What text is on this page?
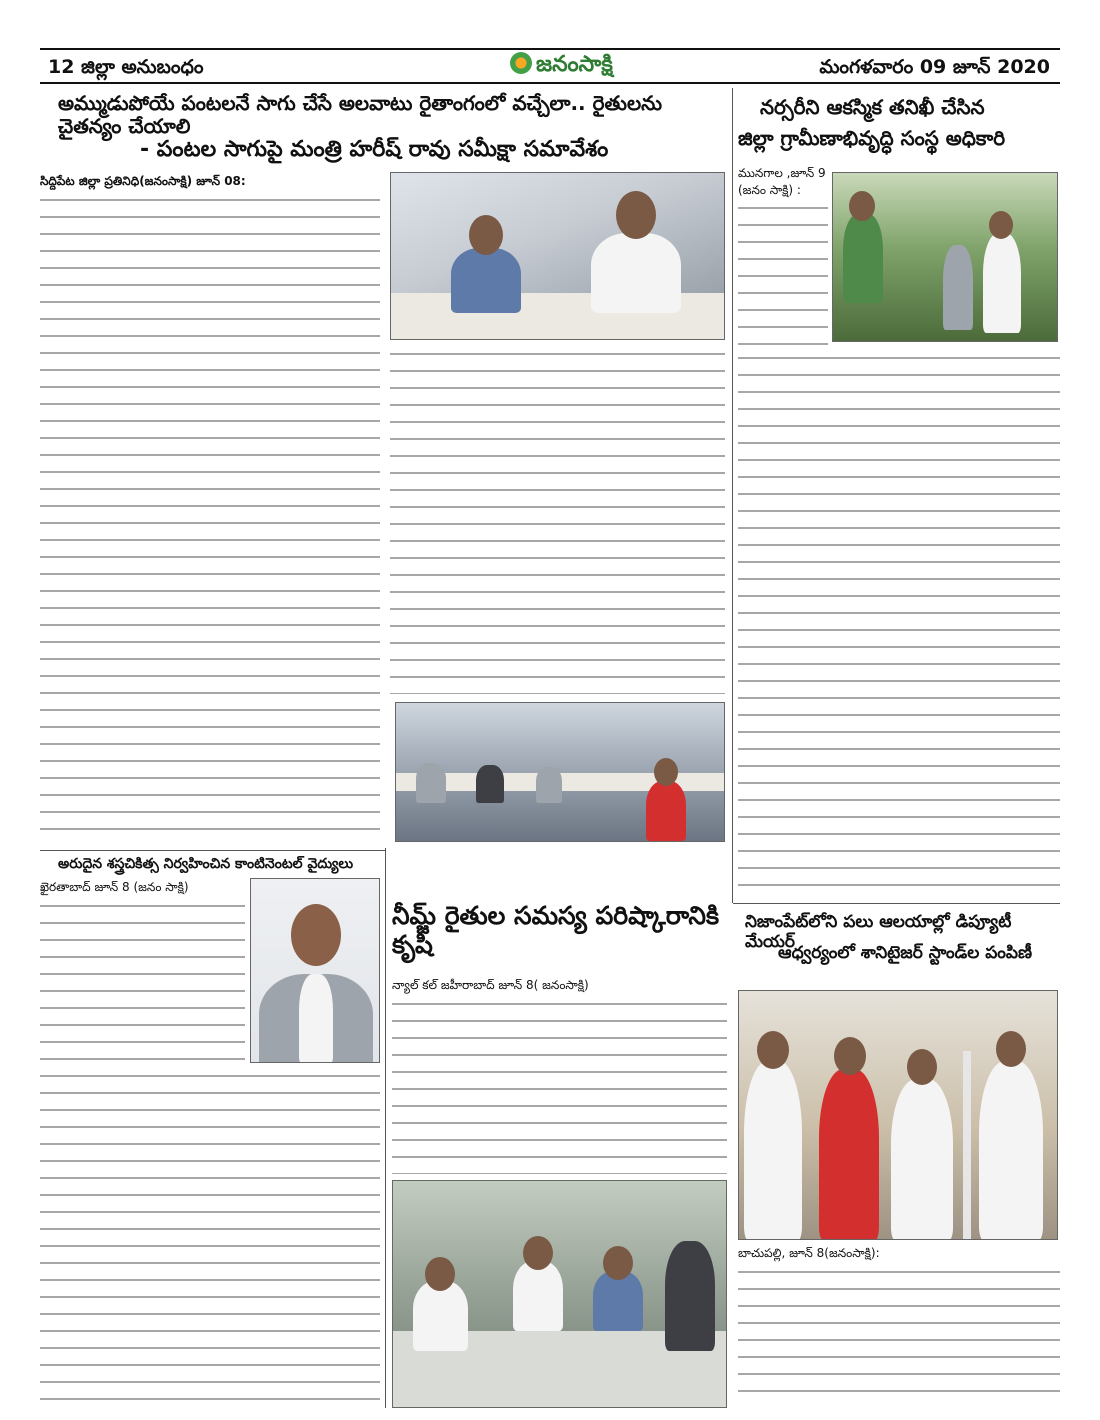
12 జిల్లా అనుబంధం	జనంసాక్షి	మంగళవారం 09 జూన్ 2020
అమ్ముడుపోయే పంటలనే సాగు చేసే అలవాటు రైతాంగంలో వచ్చేలా.. రైతులను చైతన్యం చేయాలి
- పంటల సాగుపై మంత్రి హరీష్ రావు సమీక్షా సమావేశం
సిద్దిపేట జిల్లా ప్రతినిధి(జనంసాక్షి) జూన్ 08:
నర్సరీని ఆకస్మిక తనిఖీ చేసిన
జిల్లా గ్రామీణాభివృద్ధి సంస్థ అధికారి
మునగాల ,జూన్ 9 (జనం సాక్షి) :
అరుదైన శస్త్రచికిత్స నిర్వహించిన కాంటినెంటల్ వైద్యులు
ఖైరతాబాద్ జూన్ 8 (జనం సాక్షి)
నీమ్జ్ రైతుల సమస్య పరిష్కారానికి కృషి
న్యాల్ కల్ జహీరాబాద్ జూన్ 8( జనంసాక్షి)
నిజాంపేట్‌లోని పలు ఆలయాల్లో డిప్యూటీ మేయర్
ఆధ్వర్యంలో శానిటైజర్ స్టాండ్‌ల పంపిణీ
బాచుపల్లి, జూన్ 8(జనంసాక్షి):
